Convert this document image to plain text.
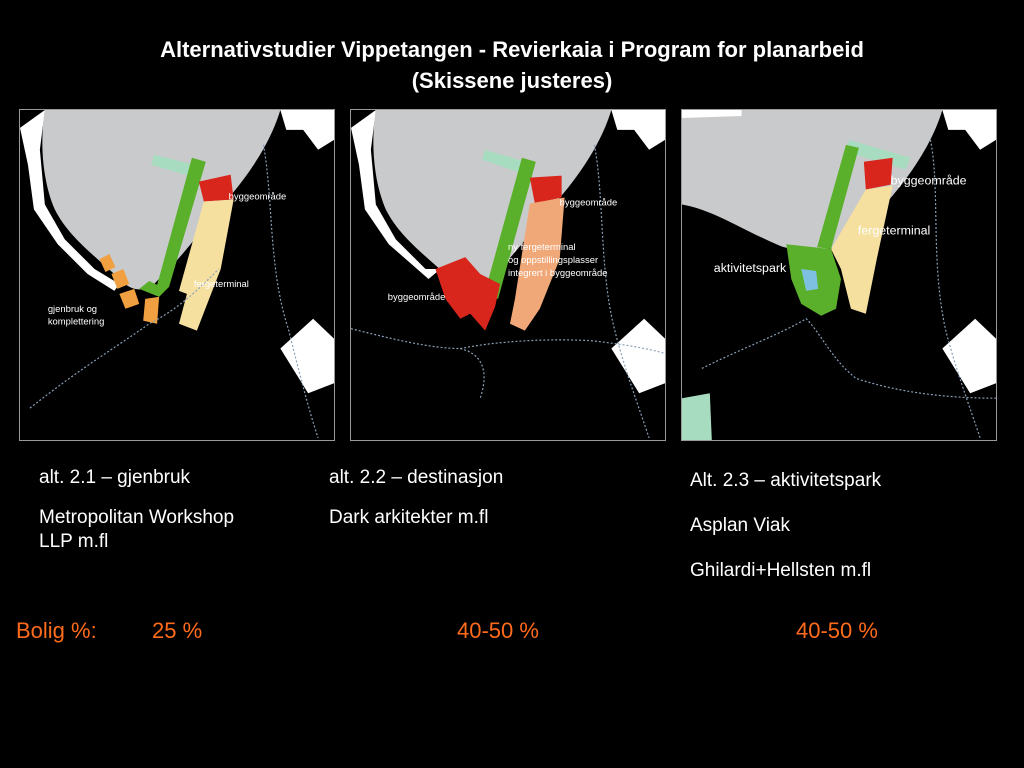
Alternativstudier Vippetangen - Revierkaia i Program for planarbeid
(Skissene justeres)
byggeområde
fergeterminal
gjenbruk og
komplettering
byggeområde
ny fergeterminal
og oppstillingsplasser
integrert i byggeområde
byggeområde
byggeområde
fergeterminal
aktivitetspark

alt. 2.1 – gjenbruk

Metropolitan Workshop LLP m.fl

alt. 2.2 – destinasjon

Dark arkitekter m.fl

Alt. 2.3 – aktivitetspark

Asplan Viak

Ghilardi+Hellsten m.fl

Bolig %:	25 %	40-50 %	40-50 %
